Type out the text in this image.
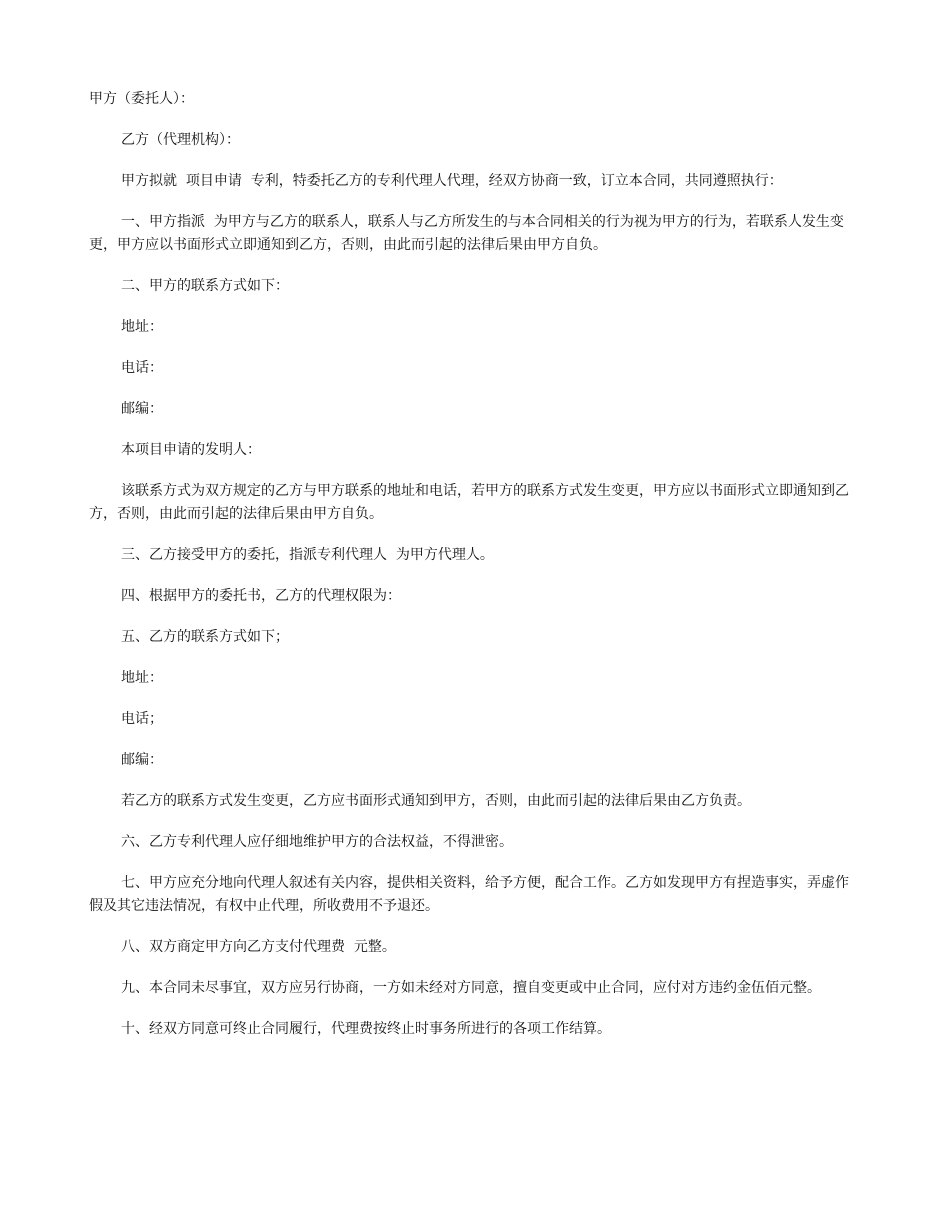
甲方（委托人）：

乙方（代理机构）：

甲方拟就  项目申请  专利，特委托乙方的专利代理人代理，经双方协商一致，订立本合同，共同遵照执行：

一、甲方指派  为甲方与乙方的联系人，联系人与乙方所发生的与本合同相关的行为视为甲方的行为，若联系人发生变更，甲方应以书面形式立即通知到乙方，否则，由此而引起的法律后果由甲方自负。

二、甲方的联系方式如下：

地址：

电话：

邮编：

本项目申请的发明人：

该联系方式为双方规定的乙方与甲方联系的地址和电话，若甲方的联系方式发生变更，甲方应以书面形式立即通知到乙方，否则，由此而引起的法律后果由甲方自负。

三、乙方接受甲方的委托，指派专利代理人  为甲方代理人。

四、根据甲方的委托书，乙方的代理权限为：

五、乙方的联系方式如下；

地址：

电话；

邮编：

若乙方的联系方式发生变更，乙方应书面形式通知到甲方，否则，由此而引起的法律后果由乙方负责。

六、乙方专利代理人应仔细地维护甲方的合法权益，不得泄密。

七、甲方应充分地向代理人叙述有关内容，提供相关资料，给予方便，配合工作。乙方如发现甲方有捏造事实，弄虚作假及其它违法情况，有权中止代理，所收费用不予退还。

八、双方商定甲方向乙方支付代理费  元整。

九、本合同未尽事宜，双方应另行协商，一方如未经对方同意，擅自变更或中止合同，应付对方违约金伍佰元整。

十、经双方同意可终止合同履行，代理费按终止时事务所进行的各项工作结算。
